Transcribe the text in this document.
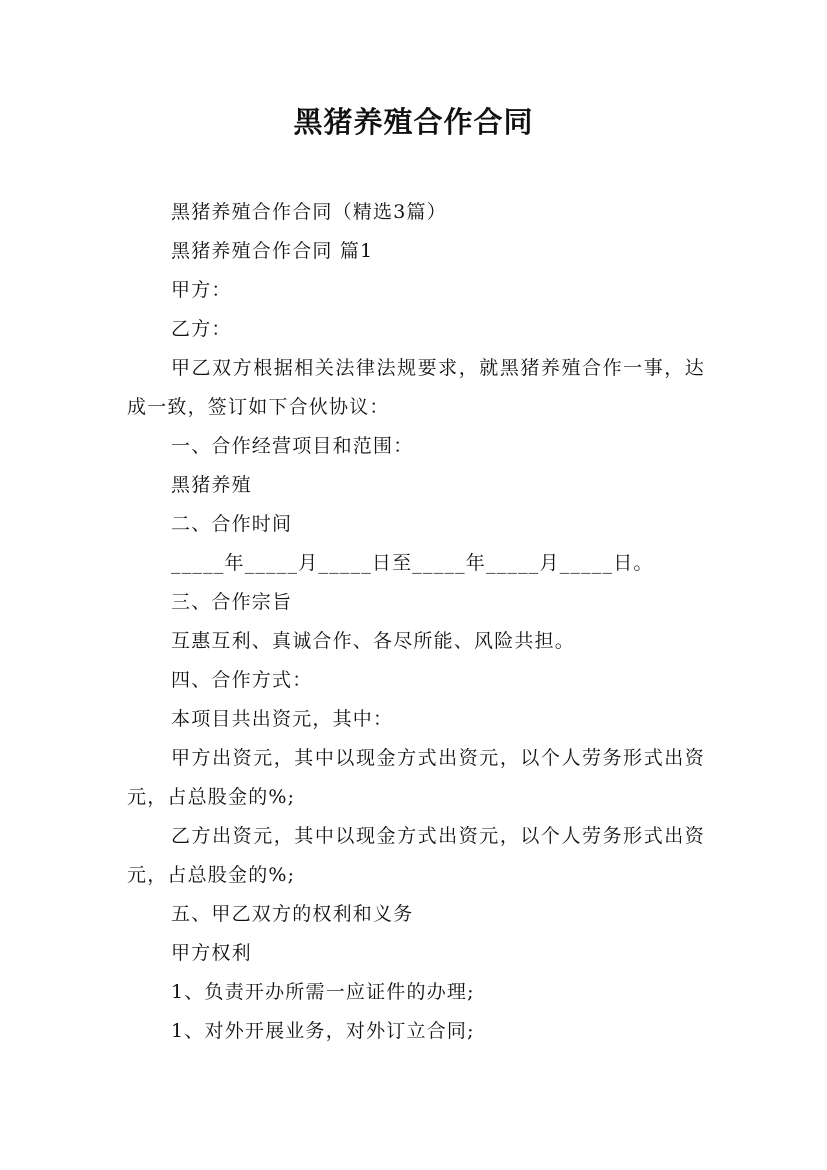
黑猪养殖合作合同

黑猪养殖合作合同（精选3篇）

黑猪养殖合作合同 篇1

甲方：

乙方：

甲乙双方根据相关法律法规要求，就黑猪养殖合作一事，达成一致，签订如下合伙协议：

一、合作经营项目和范围：

黑猪养殖

二、合作时间

_____年_____月_____日至_____年_____月_____日。

三、合作宗旨

互惠互利、真诚合作、各尽所能、风险共担。

四、合作方式：

本项目共出资元，其中：

甲方出资元，其中以现金方式出资元，以个人劳务形式出资元，占总股金的%;

乙方出资元，其中以现金方式出资元，以个人劳务形式出资元，占总股金的%;

五、甲乙双方的权利和义务

甲方权利

1、负责开办所需一应证件的办理;

1、对外开展业务，对外订立合同;
